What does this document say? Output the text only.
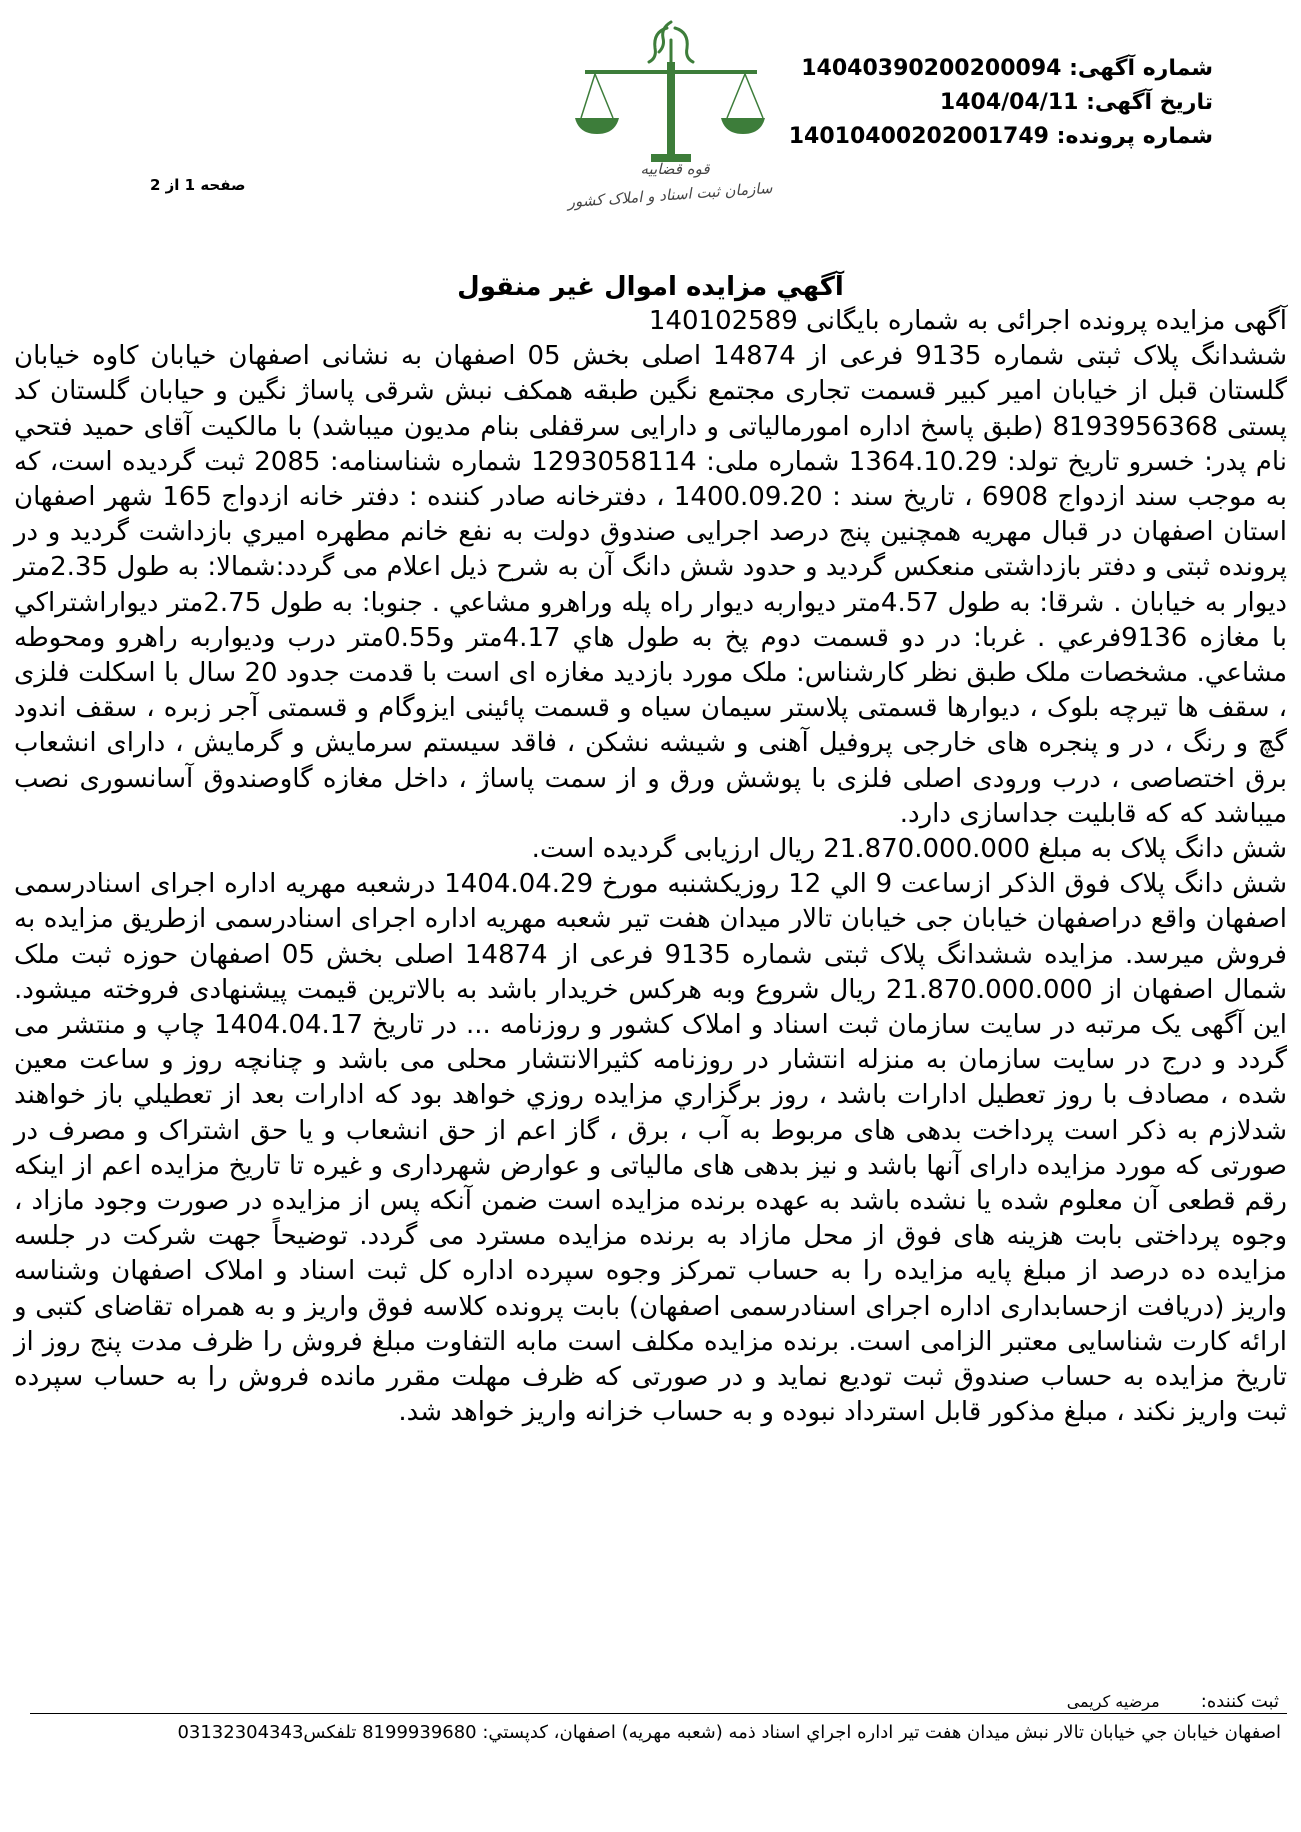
شماره آگهی: 14040390200200094
تاریخ آگهی: 1404/04/11
شماره پرونده: 14010400202001749
قوه قضاییه
سازمان ثبت اسناد و املاک کشور
صفحه 1 از 2
آگهي مزايده اموال غير منقول

آگهی مزایده پرونده اجرائی به شماره بایگانی 140102589

ششدانگ پلاک ثبتی شماره 9135 فرعی از 14874 اصلی بخش 05 اصفهان به نشانی اصفهان خیابان کاوه خیابان گلستان قبل از خیابان امیر کبیر قسمت تجاری مجتمع نگین طبقه همکف نبش شرقی پاساژ نگین و حیابان گلستان کد پستی 8193956368 (طبق پاسخ اداره امورمالیاتی و دارایی سرقفلی بنام مدیون میباشد) با مالکیت آقای حمید فتحي نام پدر: خسرو تاریخ تولد: 1364.10.29 شماره ملی: 1293058114 شماره شناسنامه: 2085 ثبت گردیده است، که به موجب سند ازدواج 6908 ، تاریخ سند : 1400.09.20 ، دفترخانه صادر کننده : دفتر خانه ازدواج 165 شهر اصفهان استان اصفهان در قبال مهریه همچنین پنج درصد اجرایی صندوق دولت به نفع خانم مطهره اميري بازداشت گردید و در پرونده ثبتی و دفتر بازداشتی منعکس گردید و حدود شش دانگ آن به شرح ذیل اعلام می گردد:شمالا: به طول 2.35متر ديوار به خيابان . شرقا: به طول 4.57متر ديواربه ديوار راه پله وراهرو مشاعي . جنوبا: به طول 2.75متر ديواراشتراكي با مغازه 9136فرعي . غربا: در دو قسمت دوم پخ به طول هاي 4.17متر و0.55متر درب وديواربه راهرو ومحوطه مشاعي. مشخصات ملک طبق نظر کارشناس: ملک مورد بازدید مغازه ای است با قدمت جدود 20 سال با اسکلت فلزی ، سقف ها تیرچه بلوک ، دیوارها قسمتی پلاستر سیمان سیاه و قسمت پائینی ایزوگام و قسمتی آجر زبره ، سقف اندود گچ و رنگ ، در و پنجره های خارجی پروفیل آهنی و شیشه نشکن ، فاقد سیستم سرمایش و گرمایش ، دارای انشعاب برق اختصاصی ، درب ورودی اصلی فلزی با پوشش ورق و از سمت پاساژ ، داخل مغازه گاوصندوق آسانسوری نصب میباشد که که قابلیت جداسازی دارد.

شش دانگ پلاک به مبلغ 21.870.000.000 ریال ارزیابی گردیده است.

شش دانگ پلاک فوق الذکر ازساعت 9 الي 12 روزیکشنبه مورخ 1404.04.29 درشعبه مهریه اداره اجرای اسنادرسمی اصفهان واقع دراصفهان خیابان جی خیابان تالار میدان هفت تیر شعبه مهریه اداره اجرای اسنادرسمی ازطریق مزایده به فروش میرسد. مزایده ششدانگ پلاک ثبتی شماره 9135 فرعی از 14874 اصلی بخش 05 اصفهان حوزه ثبت ملک شمال اصفهان از 21.870.000.000 ریال شروع وبه هرکس خریدار باشد به بالاترین قیمت پیشنهادی فروخته میشود. این آگهی یک مرتبه در سایت سازمان ثبت اسناد و املاک کشور و روزنامه ... در تاریخ 1404.04.17 چاپ و منتشر می گردد و درج در سایت سازمان به منزله انتشار در روزنامه کثیرالانتشار محلی می باشد و چنانچه روز و ساعت معین شده ، مصادف با روز تعطیل ادارات باشد ، روز برگزاري مزايده روزي خواهد بود كه ادارات بعد از تعطيلي باز خواهند شدلازم به ذکر است پرداخت بدهی های مربوط به آب ، برق ، گاز اعم از حق انشعاب و یا حق اشتراک و مصرف در صورتی که مورد مزایده دارای آنها باشد و نیز بدهی های مالیاتی و عوارض شهرداری و غیره تا تاریخ مزایده اعم از اینکه رقم قطعی آن معلوم شده یا نشده باشد به عهده برنده مزایده است ضمن آنکه پس از مزایده در صورت وجود مازاد ، وجوه پرداختی بابت هزینه های فوق از محل مازاد به برنده مزایده مسترد می گردد. توضیحاً جهت شرکت در جلسه مزایده ده درصد از مبلغ پایه مزایده را به حساب تمرکز وجوه سپرده اداره کل ثبت اسناد و املاک اصفهان وشناسه واریز (دریافت ازحسابداری اداره اجرای اسنادرسمی اصفهان) بابت پرونده کلاسه فوق واریز و به همراه تقاضای کتبی و ارائه کارت شناسایی معتبر الزامی است. برنده مزایده مکلف است مابه التفاوت مبلغ فروش را ظرف مدت پنج روز از تاریخ مزایده به حساب صندوق ثبت تودیع نماید و در صورتی که ظرف مهلت مقرر مانده فروش را به حساب سپرده ثبت واریز نکند ، مبلغ مذکور قابل استرداد نبوده و به حساب خزانه واریز خواهد شد.

ثبت کننده: مرضیه کریمی
اصفهان خیابان جي خیابان تالار نبش میدان هفت تیر اداره اجراي اسناد ذمه (شعبه مهریه) اصفهان، کدپستي: 8199939680 تلفكس03132304343
